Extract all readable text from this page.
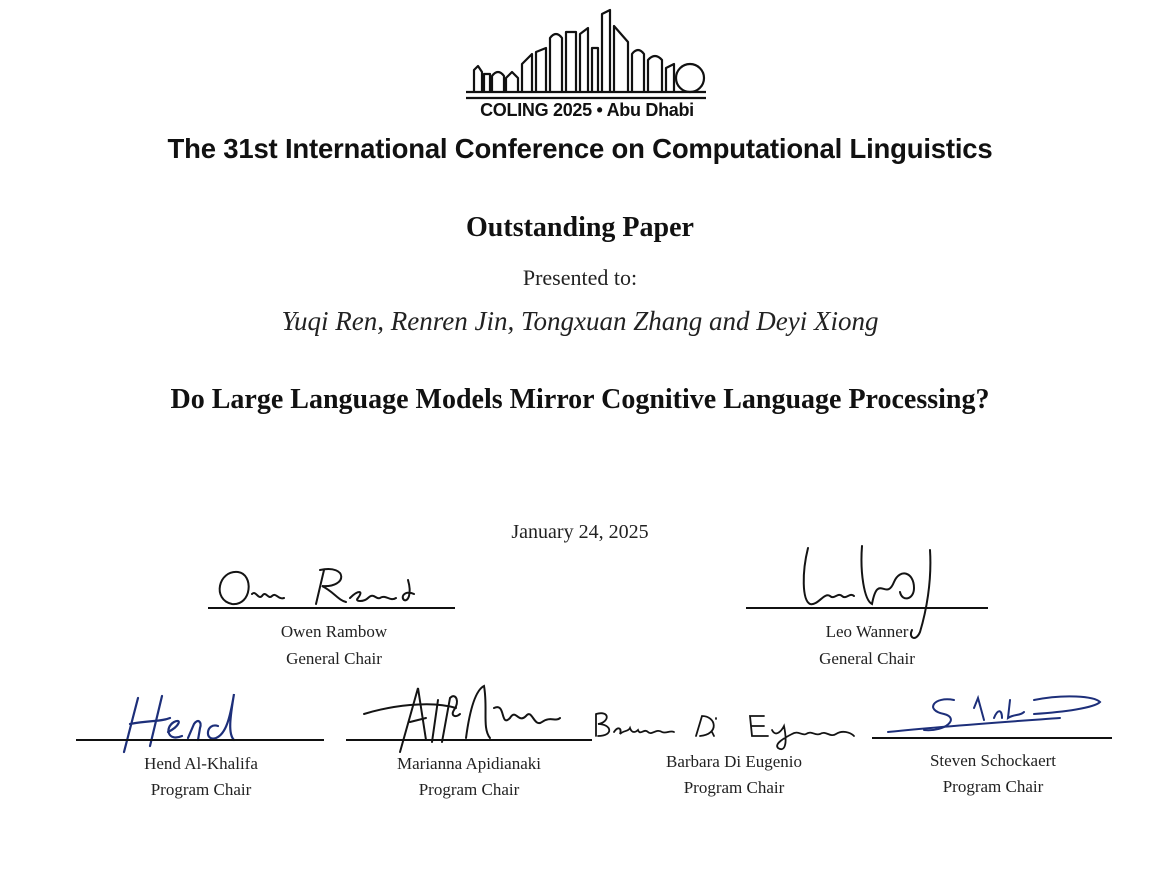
COLING 2025 • Abu Dhabi
The 31st International Conference on Computational Linguistics
Outstanding Paper
Presented to:
Yuqi Ren, Renren Jin, Tongxuan Zhang and Deyi Xiong
Do Large Language Models Mirror Cognitive Language Processing?
January 24, 2025
Owen Rambow
General Chair
Leo Wanner
General Chair
Hend Al-Khalifa
Program Chair
Marianna Apidianaki
Program Chair
Barbara Di Eugenio
Program Chair
Steven Schockaert
Program Chair
